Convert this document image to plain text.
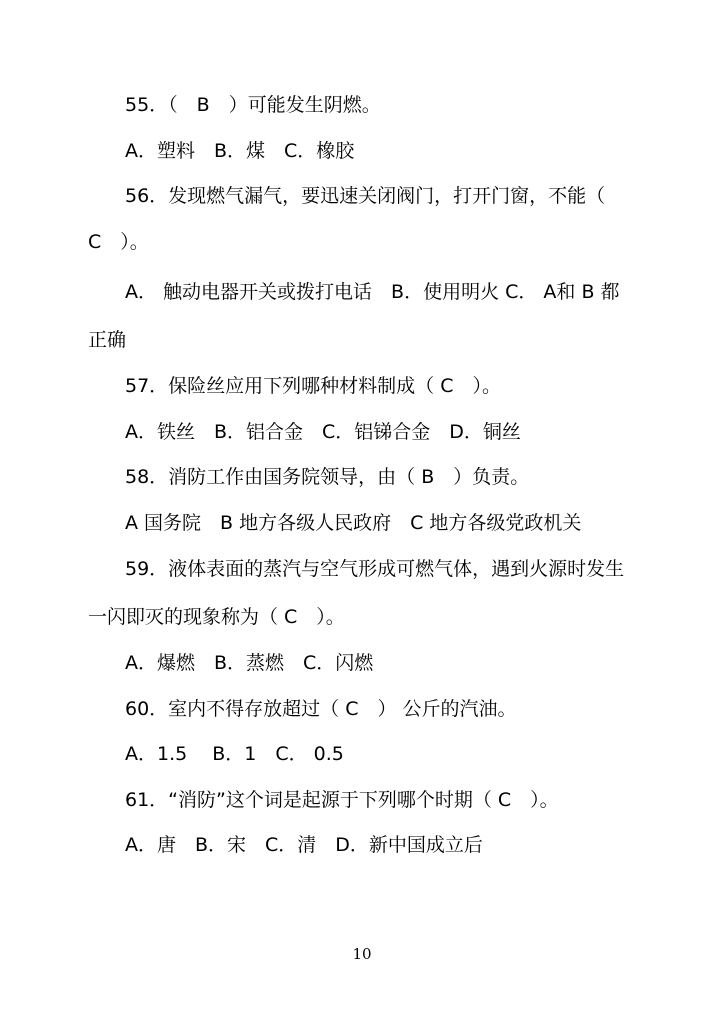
55．（　B　）可能发生阴燃。
A．塑料　B．煤　C．橡胶
56．发现燃气漏气，要迅速关闭阀门，打开门窗，不能（
C　）。
A． 触动电器开关或拨打电话　B．使用明火 C． A和 B 都
正确
57．保险丝应用下列哪种材料制成（ C　）。
A．铁丝　B．铝合金　C．铝锑合金　D．铜丝
58．消防工作由国务院领导，由（ B　）负责。
A 国务院　B 地方各级人民政府　C 地方各级党政机关
59．液体表面的蒸汽与空气形成可燃气体，遇到火源时发生
一闪即灭的现象称为（ C　）。
A．爆燃　B．蒸燃　C．闪燃
60．室内不得存放超过（ C　） 公斤的汽油。
A．1.5　 B．1　C． 0.5
61．“消防”这个词是起源于下列哪个时期（ C　）。
A．唐　B．宋　C．清　D．新中国成立后
10
